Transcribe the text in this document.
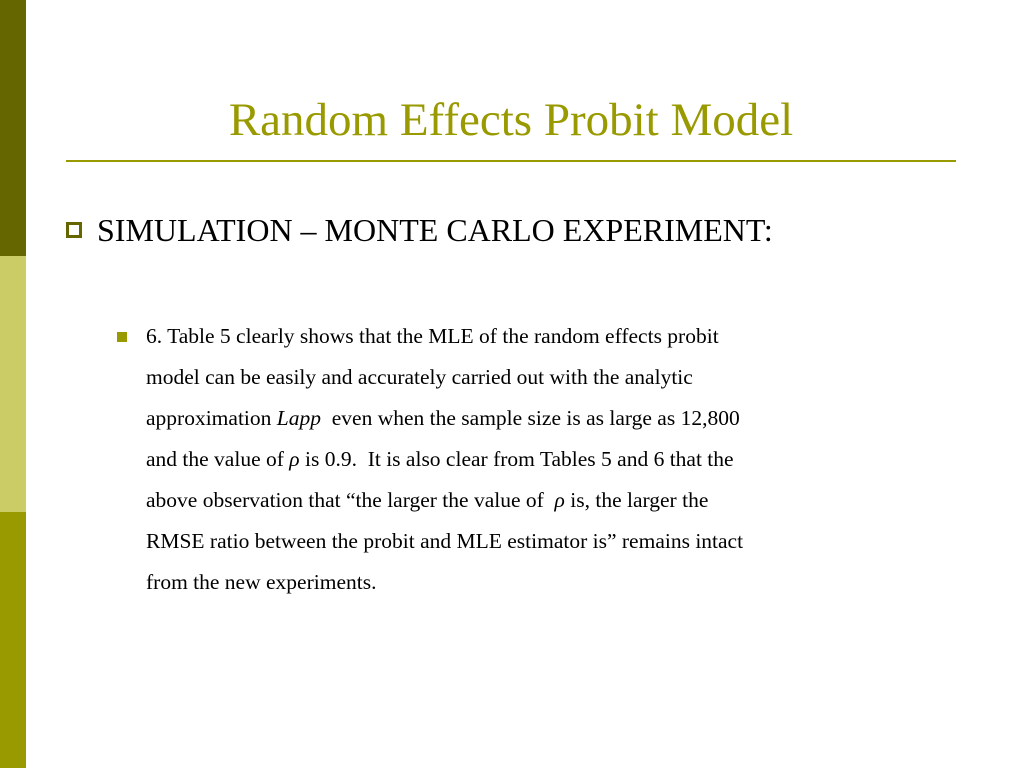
Random Effects Probit Model
SIMULATION – MONTE CARLO EXPERIMENT:
6. Table 5 clearly shows that the MLE of the random effects probit
model can be easily and accurately carried out with the analytic
approximation Lapp  even when the sample size is as large as 12,800
and the value of ρ is 0.9.  It is also clear from Tables 5 and 6 that the
above observation that “the larger the value of  ρ is, the larger the
RMSE ratio between the probit and MLE estimator is” remains intact
from the new experiments.
